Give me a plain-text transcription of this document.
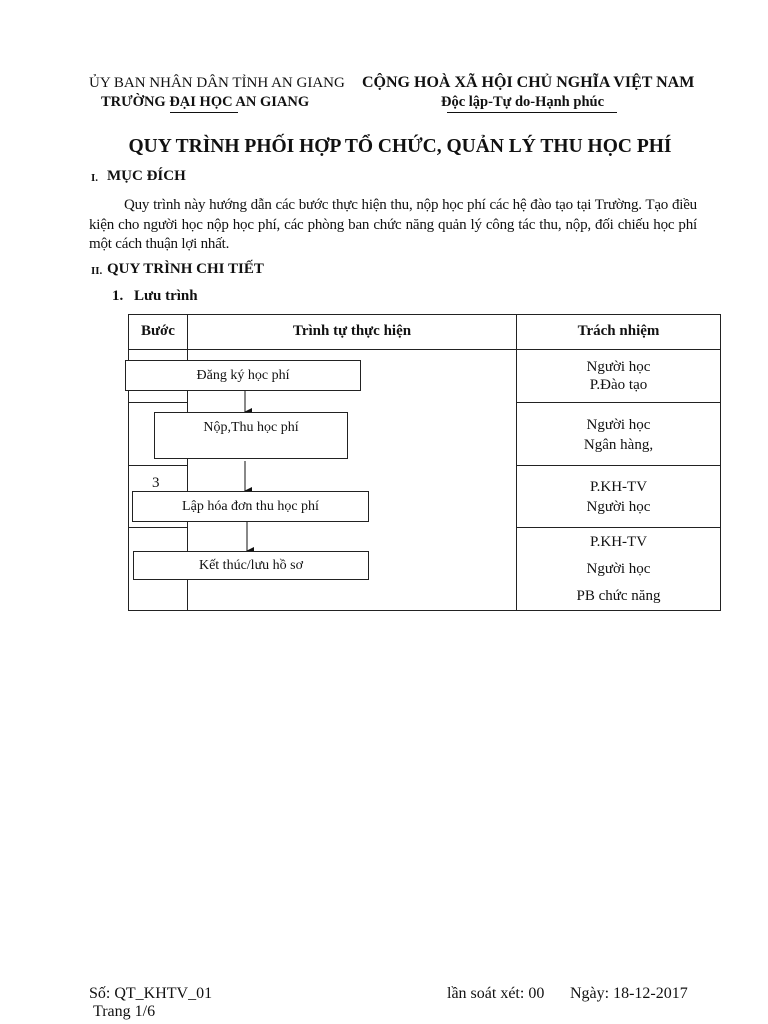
ỦY BAN NHÂN DÂN TỈNH AN GIANG
TRƯỜNG ĐẠI HỌC AN GIANG
CỘNG HOÀ XÃ HỘI CHỦ NGHĨA VIỆT NAM
Độc lập-Tự do-Hạnh phúc
QUY TRÌNH PHỐI HỢP TỔ CHỨC, QUẢN LÝ THU HỌC PHÍ
I. MỤC ĐÍCH
Quy trình này hướng dẫn các bước thực hiện thu, nộp học phí các hệ đào tạo tại Trường. Tạo điều kiện cho người học nộp học phí, các phòng ban chức năng quản lý công tác thu, nộp, đối chiếu học phí một cách thuận lợi nhất.
II. QUY TRÌNH CHI TIẾT
1. Lưu trình
Bước	Trình tự thực hiện	Trách nhiệm
3
Đăng ký học phí
Nộp,Thu học phí
Lập hóa đơn thu học phí
Kết thúc/lưu hồ sơ
Người học
P.Đào tạo
Người học
Ngân hàng,
P.KH-TV
Người học
P.KH-TV
Người học
PB chức năng
Số: QT_KHTV_01
Trang 1/6
lần soát xét: 00 Ngày: 18-12-2017
